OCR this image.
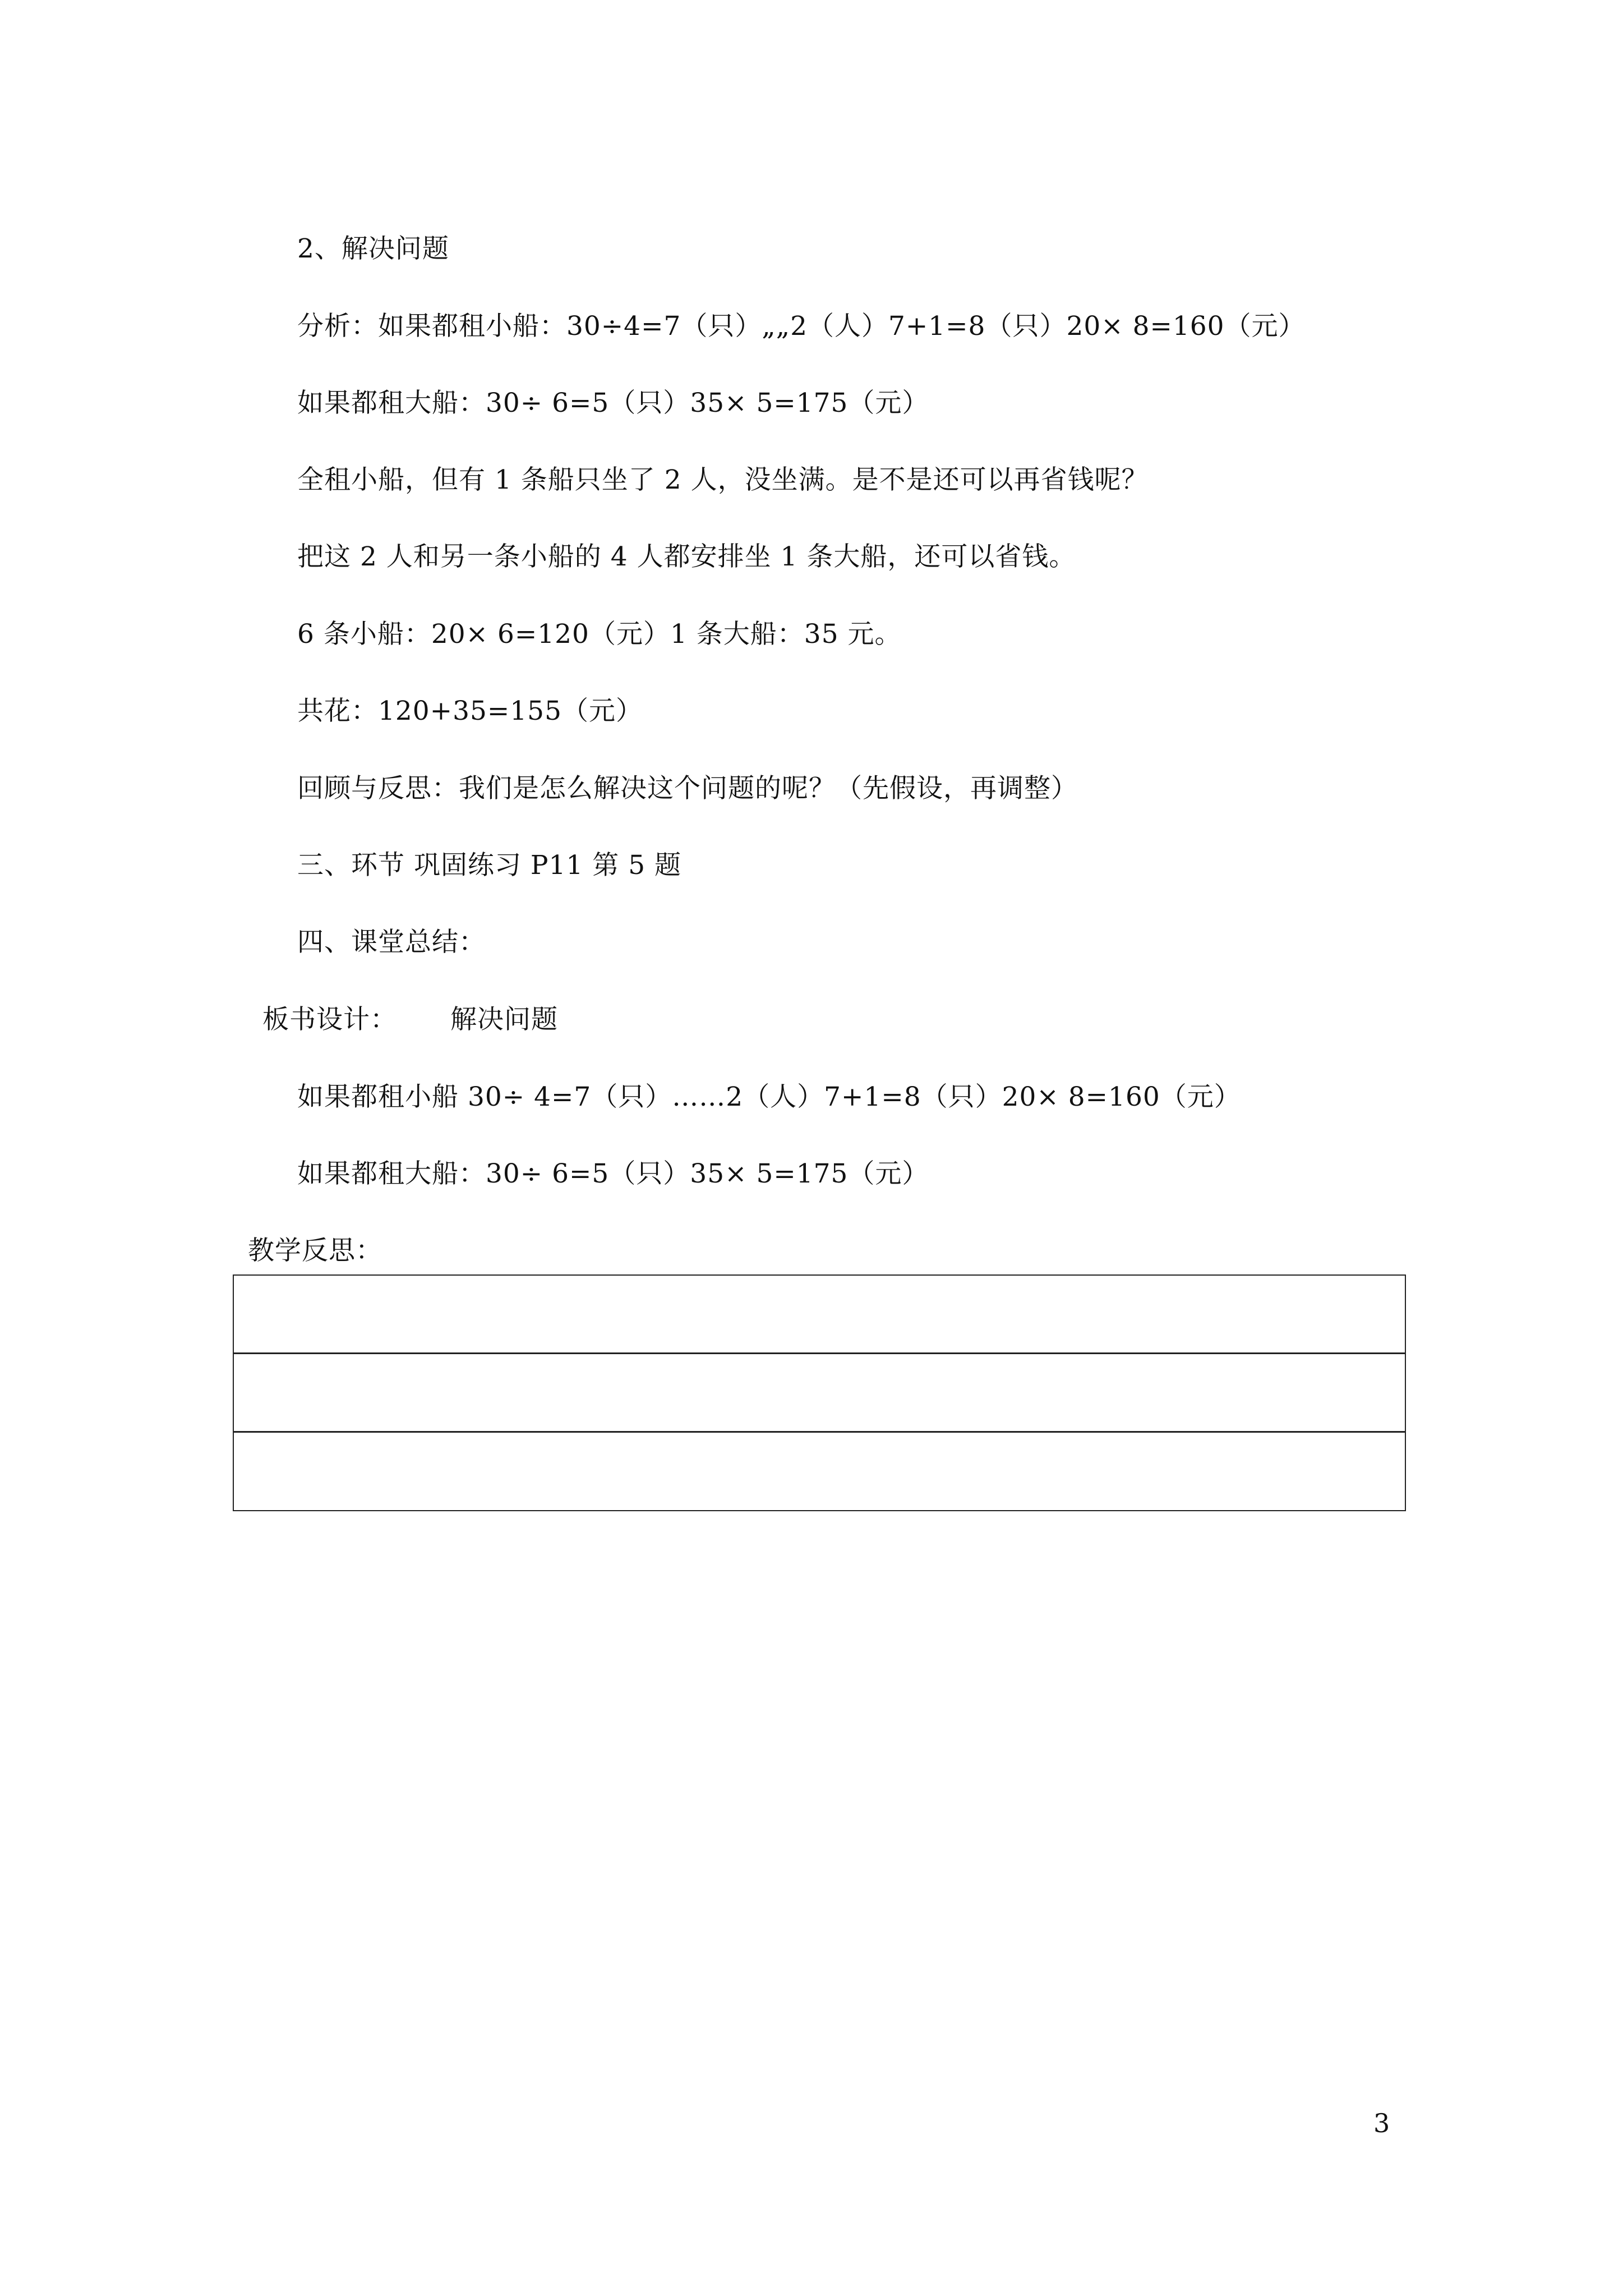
2、解决问题
分析：如果都租小船：30÷4=7（只）„„2（人）7+1=8（只）20× 8=160（元）
如果都租大船：30÷ 6=5（只）35× 5=175（元）
全租小船，但有 1 条船只坐了 2 人，没坐满。是不是还可以再省钱呢？
把这 2 人和另一条小船的 4 人都安排坐 1 条大船，还可以省钱。
6 条小船：20× 6=120（元）1 条大船：35 元。
共花：120+35=155（元）
回顾与反思：我们是怎么解决这个问题的呢？（先假设，再调整）
三、环节 巩固练习 P11 第 5 题
四、课堂总结：
板书设计： 解决问题
如果都租小船 30÷ 4=7（只）……2（人）7+1=8（只）20× 8=160（元）
如果都租大船：30÷ 6=5（只）35× 5=175（元）
教学反思：
3
